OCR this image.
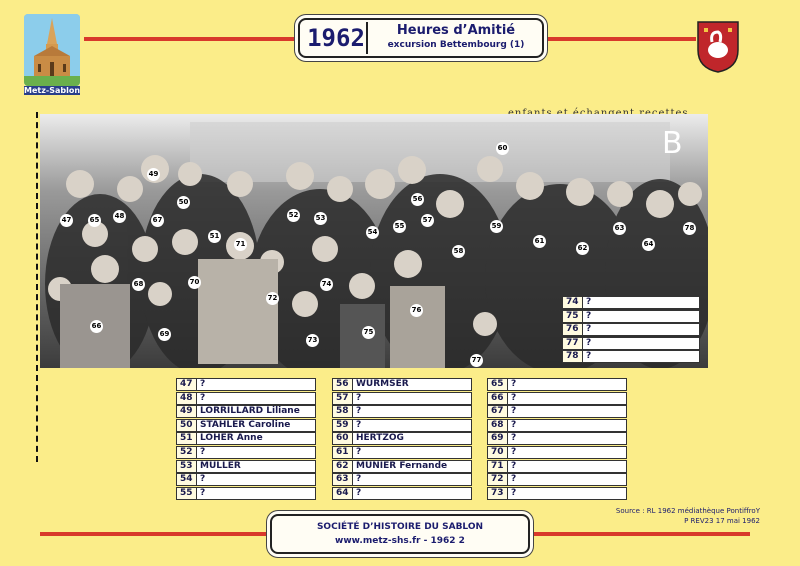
Metz-Sablon
1962	Heures d’Amitié
excursion Bettembourg (1)
B
47	48
49
50
51
52 53
54
55
56
57
58
59
60
61
62
63
64
65
66
67
68
69
70
71
72
73
74
75
76
77
78
74 ?
75 ?
76 ?
77 ?
78 ?
47 ?
48 ?
49 LORRILLARD Liliane
50 STAHLER Caroline
51 LOHER Anne
52 ?
53 MULLER
54 ?
55 ?
56 WURMSER
57 ?
58 ?
59 ?
60 HERTZOG
61 ?
62 MUNIER Fernande
63 ?
64 ?
65 ?
66 ?
67 ?
68 ?
69 ?
70 ?
71 ?
72 ?
73 ?
Source : RL 1962 médiathèque PontiffroY
P REV23 17 mai 1962
SOCIÉTÉ D’HISTOIRE DU SABLON
www.metz-shs.fr - 1962 2
